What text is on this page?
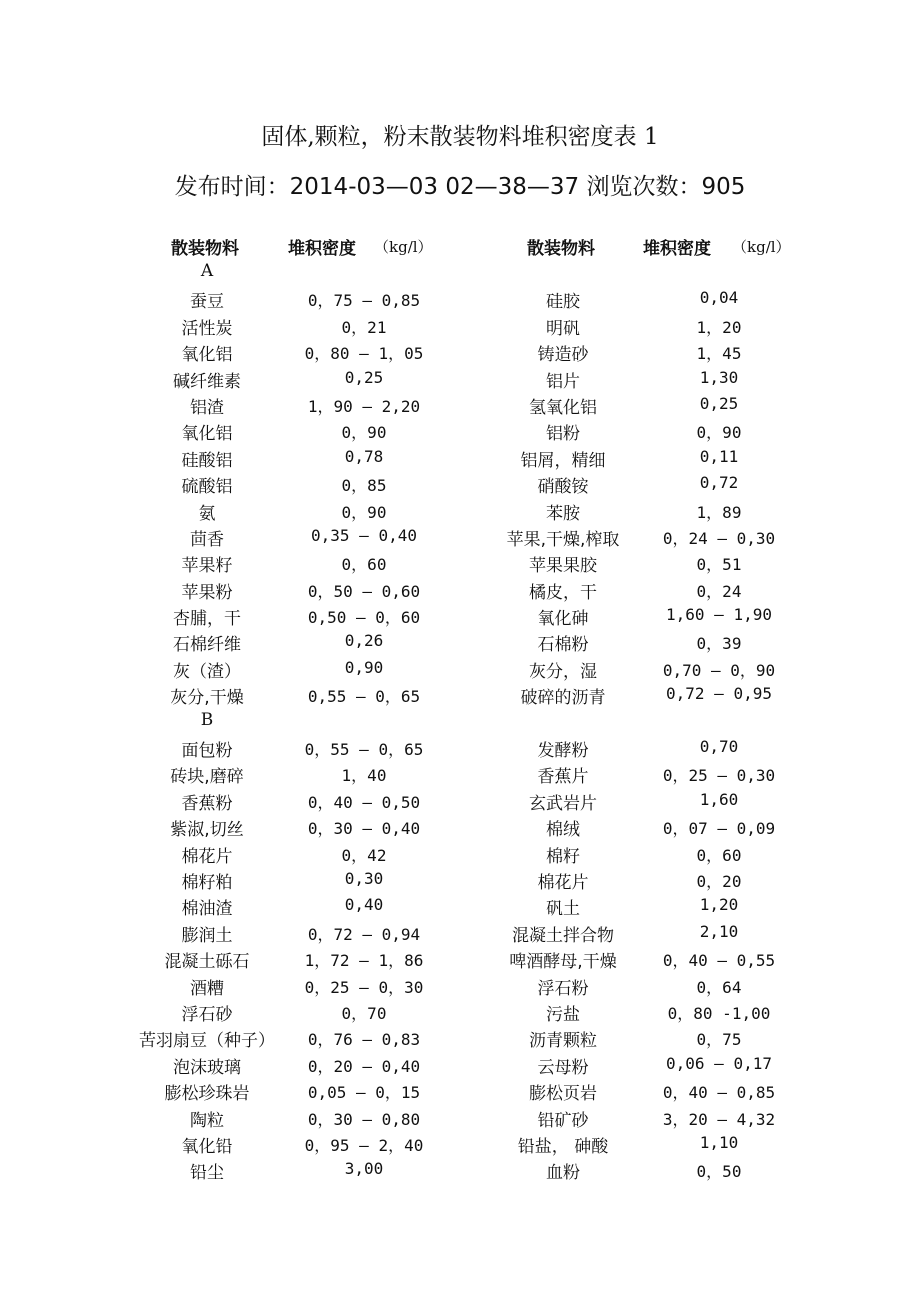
固体,颗粒，粉末散装物料堆积密度表 1
发布时间：2014-03—03 02—38—37 浏览次数：905
散装物料	堆积密度 （kg/l）	散装物料	堆积密度 （kg/l）
A
蚕豆	0，75 – 0,85	硅胶	0,04
活性炭	0，21	明矾	1，20
氧化铝	0，80 — 1，05	铸造砂	1，45
碱纤维素	0,25	铝片	1,30
铝渣	1，90 – 2,20	氢氧化铝	0,25
氧化铝	0，90	铝粉	0，90
硅酸铝	0,78	铝屑，精细	0,11
硫酸铝	0，85	硝酸铵	0,72
氨	0，90	苯胺	1，89
茴香	0,35 — 0,40	苹果,干燥,榨取	0，24 – 0,30
苹果籽	0，60	苹果果胶	0，51
苹果粉	0，50 – 0,60	橘皮，干	0，24
杏脯，干	0,50 – 0，60	氧化砷	1,60 — 1,90
石棉纤维	0,26	石棉粉	0，39
灰（渣）	0,90	灰分，湿	0,70 — 0，90
灰分,干燥	0,55 – 0，65	破碎的沥青	0,72 – 0,95
B
面包粉	0，55 – 0，65	发酵粉	0,70
砖块,磨碎	1，40	香蕉片	0，25 — 0,30
香蕉粉	0，40 — 0,50	玄武岩片	1,60
紫淑,切丝	0，30 – 0,40	棉绒	0，07 – 0,09
棉花片	0，42	棉籽	0，60
棉籽粕	0,30	棉花片	0，20
棉油渣	0,40	矾土	1,20
膨润土	0，72 – 0,94	混凝土拌合物	2,10
混凝土砾石	1，72 — 1，86	啤酒酵母,干燥	0，40 — 0,55
酒糟	0，25 – 0，30	浮石粉	0，64
浮石砂	0，70	污盐	0，80 -1,00
苦羽扇豆（种子） 0，76 – 0,83	沥青颗粒	0，75
泡沫玻璃	0，20 — 0,40	云母粉	0,06 — 0,17
膨松珍珠岩	0,05 — 0，15	膨松页岩	0，40 — 0,85
陶粒	0，30 — 0,80	铅矿砂	3，20 – 4,32
氧化铅	0，95 – 2，40	铅盐， 砷酸	1,10
铅尘	3,00	血粉	0，50
